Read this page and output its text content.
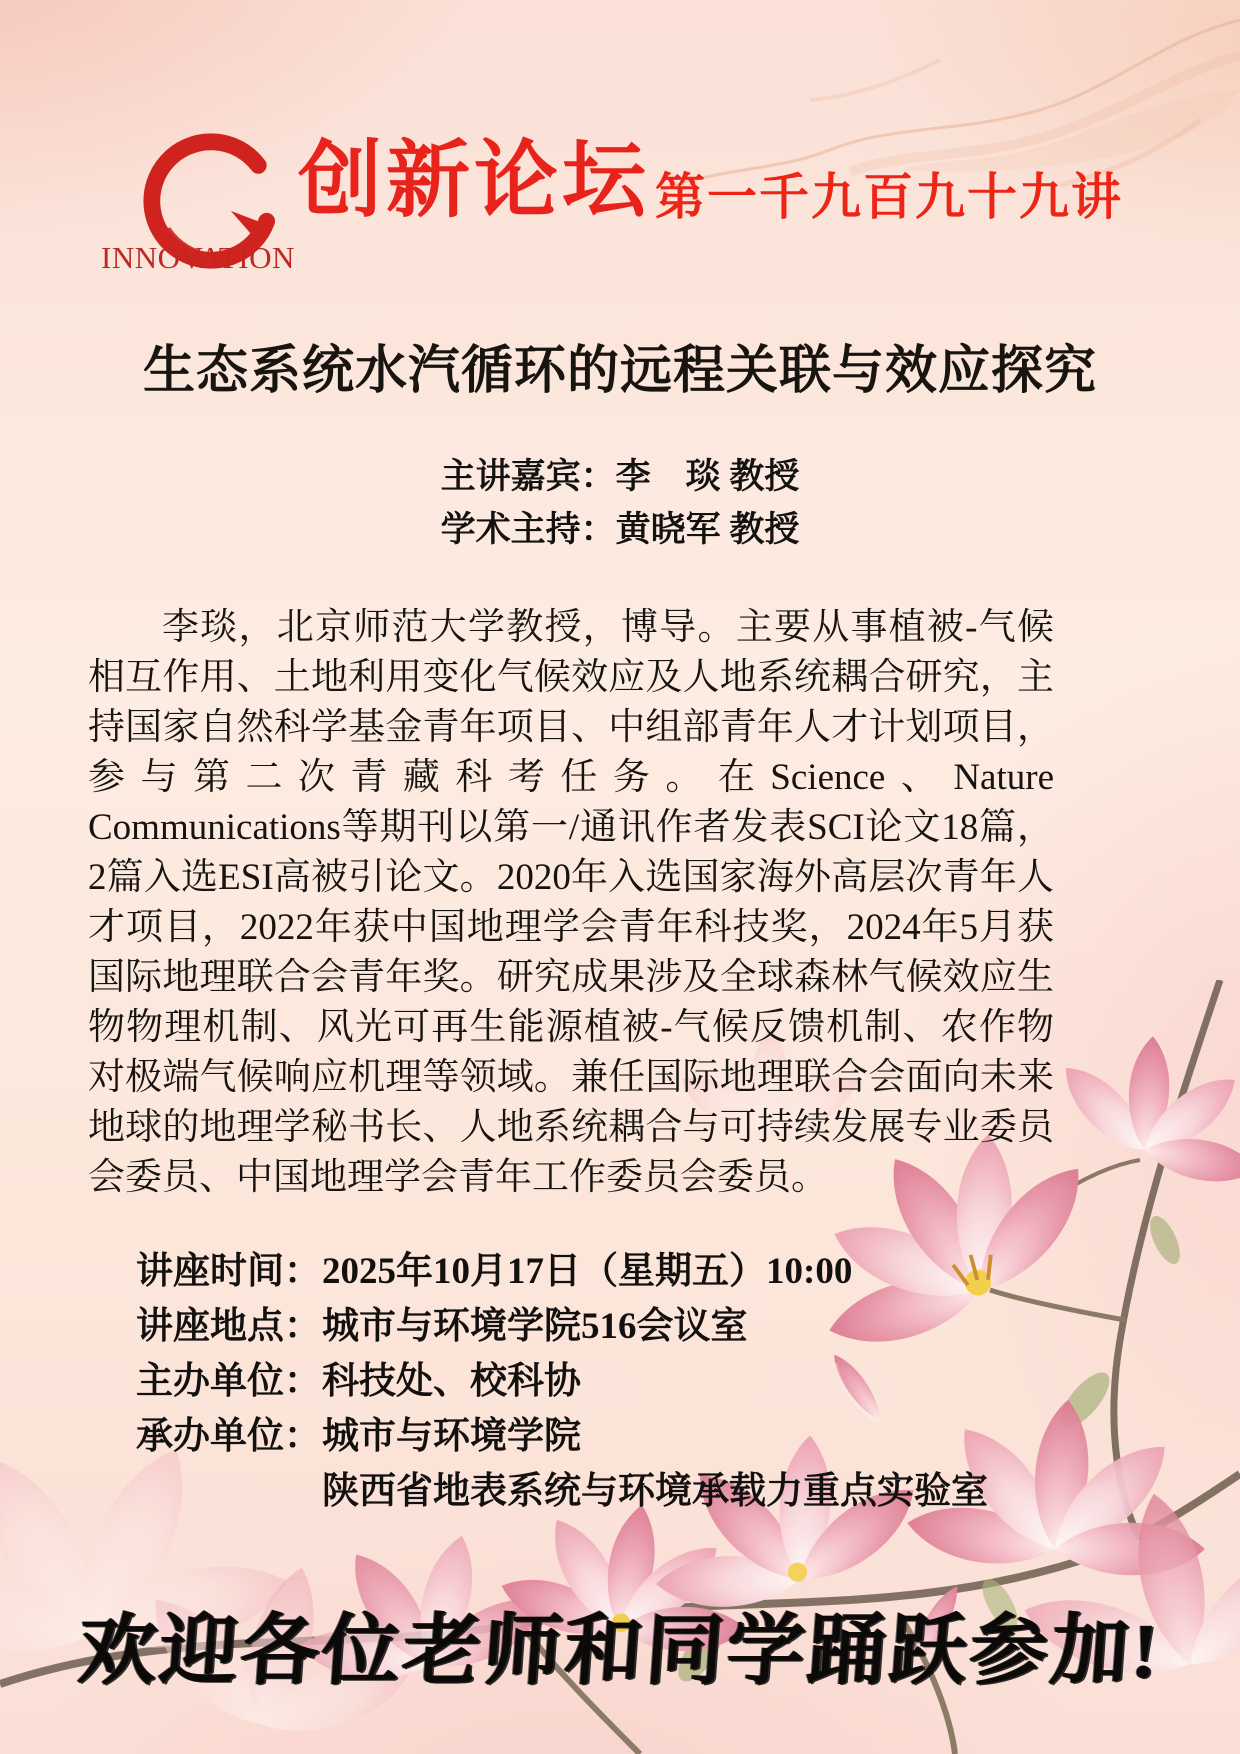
INNOVATION
创新论坛 第一千九百九十九讲
生态系统水汽循环的远程关联与效应探究
主讲嘉宾：李　琰 教授
学术主持：黄晓军 教授
李琰，北京师范大学教授，博导。主要从事植被-气候相互作用、土地利用变化气候效应及人地系统耦合研究，主持国家自然科学基金青年项目、中组部青年人才计划项目，参与第二次青藏科考任务。在Science、Nature Communications等期刊以第一/通讯作者发表SCI论文18篇，2篇入选ESI高被引论文。2020年入选国家海外高层次青年人才项目，2022年获中国地理学会青年科技奖，2024年5月获国际地理联合会青年奖。研究成果涉及全球森林气候效应生物物理机制、风光可再生能源植被-气候反馈机制、农作物对极端气候响应机理等领域。兼任国际地理联合会面向未来地球的地理学秘书长、人地系统耦合与可持续发展专业委员会委员、中国地理学会青年工作委员会委员。
讲座时间： 2025年10月17日（星期五）10:00
讲座地点： 城市与环境学院516会议室
主办单位： 科技处、校科协
承办单位： 城市与环境学院
陕西省地表系统与环境承载力重点实验室
欢迎各位老师和同学踊跃参加!
